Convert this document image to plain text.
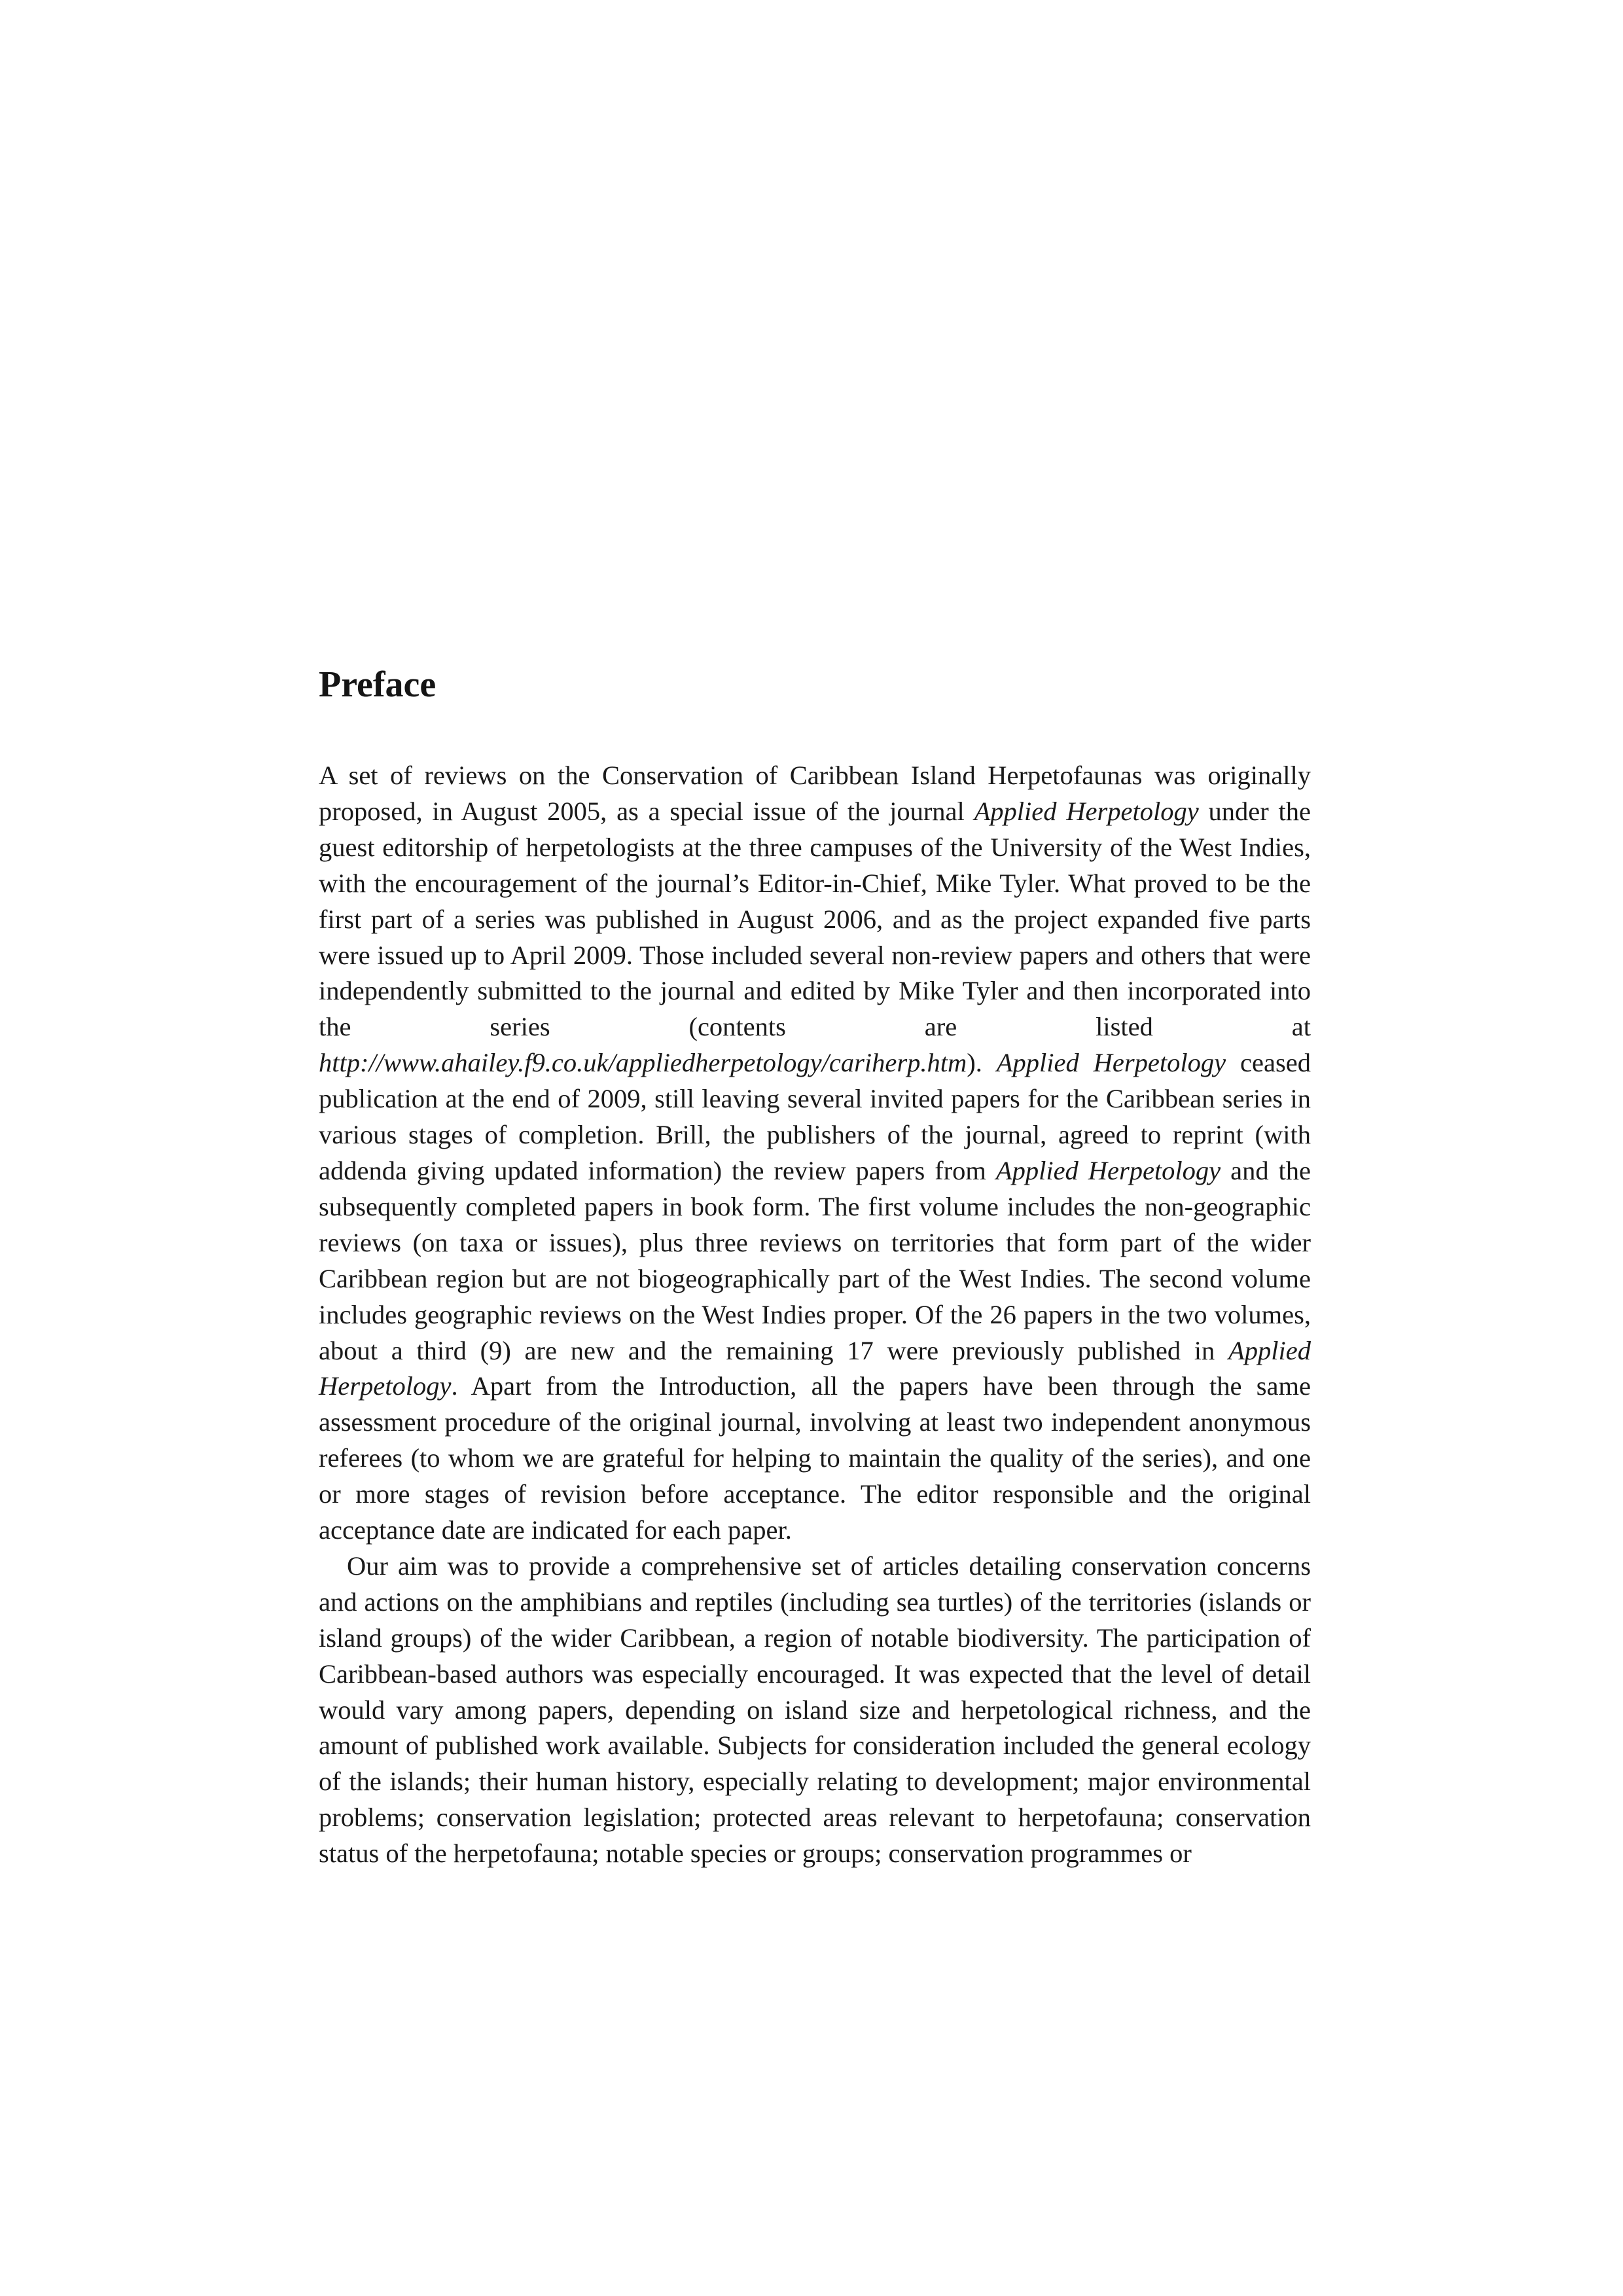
Preface

A set of reviews on the Conservation of Caribbean Island Herpetofaunas was originally proposed, in August 2005, as a special issue of the journal Applied Herpetology under the guest editorship of herpetologists at the three campuses of the University of the West Indies, with the encouragement of the journal’s Editor-in-Chief, Mike Tyler. What proved to be the first part of a series was published in August 2006, and as the project expanded five parts were issued up to April 2009. Those included several non-review papers and others that were independently submitted to the journal and edited by Mike Tyler and then incorporated into the series (contents are listed at http://www.ahailey.f9.co.uk/appliedherpetology/cariherp.htm). Applied Herpetology ceased publication at the end of 2009, still leaving several invited papers for the Caribbean series in various stages of completion. Brill, the publishers of the journal, agreed to reprint (with addenda giving updated information) the review papers from Applied Herpetology and the subsequently completed papers in book form. The first volume includes the non-geographic reviews (on taxa or issues), plus three reviews on territories that form part of the wider Caribbean region but are not biogeographically part of the West Indies. The second volume includes geographic reviews on the West Indies proper. Of the 26 papers in the two volumes, about a third (9) are new and the remaining 17 were previously published in Applied Herpetology. Apart from the Introduction, all the papers have been through the same assessment procedure of the original journal, involving at least two independent anonymous referees (to whom we are grateful for helping to maintain the quality of the series), and one or more stages of revision before acceptance. The editor responsible and the original acceptance date are indicated for each paper.

Our aim was to provide a comprehensive set of articles detailing conservation concerns and actions on the amphibians and reptiles (including sea turtles) of the territories (islands or island groups) of the wider Caribbean, a region of notable biodiversity. The participation of Caribbean-based authors was especially encouraged. It was expected that the level of detail would vary among papers, depending on island size and herpetological richness, and the amount of published work available. Subjects for consideration included the general ecology of the islands; their human history, especially relating to development; major environmental problems; conservation legislation; protected areas relevant to herpetofauna; conservation status of the herpetofauna; notable species or groups; conservation programmes or
